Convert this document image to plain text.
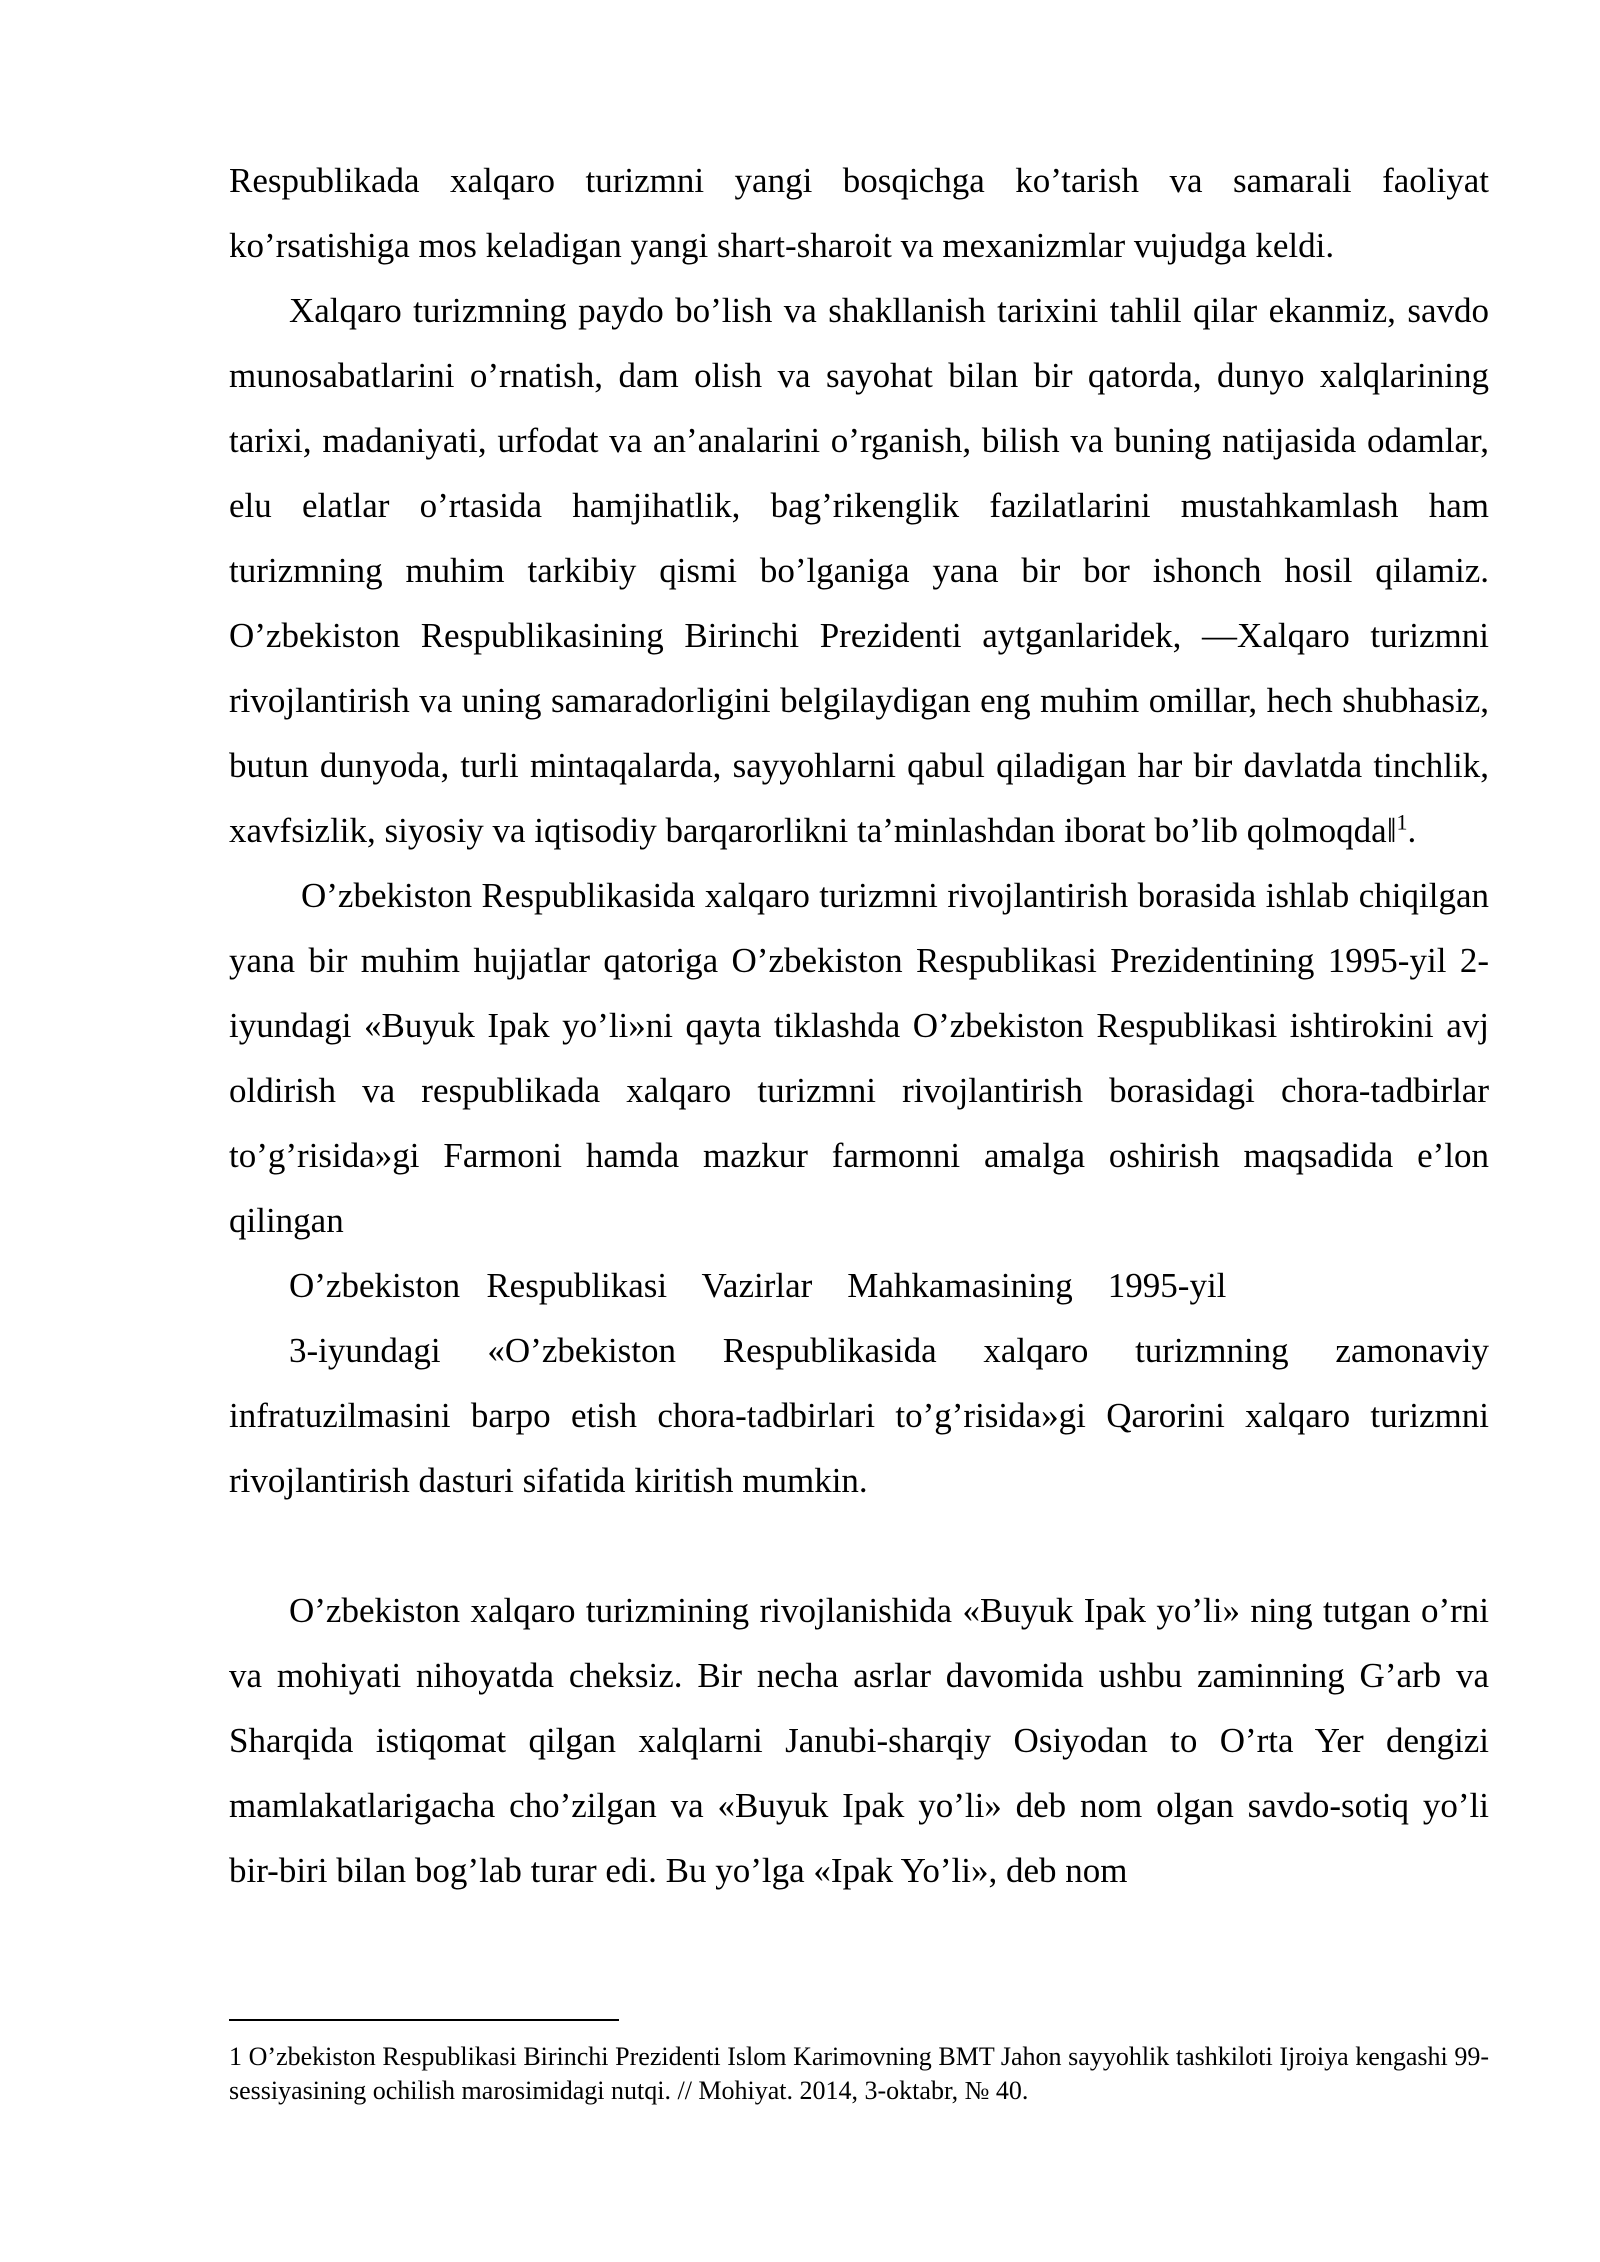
Respublikada xalqaro turizmni yangi bosqichga ko’tarish va samarali faoliyat ko’rsatishiga mos keladigan yangi shart-sharoit va mexanizmlar vujudga keldi.

Xalqaro turizmning paydo bo’lish va shakllanish tarixini tahlil qilar ekanmiz, savdo munosabatlarini o’rnatish, dam olish va sayohat bilan bir qatorda, dunyo xalqlarining tarixi, madaniyati, urfodat va an’analarini o’rganish, bilish va buning natijasida odamlar, elu elatlar o’rtasida hamjihatlik, bag’rikenglik fazilatlarini mustahkamlash ham turizmning muhim tarkibiy qismi bo’lganiga yana bir bor ishonch hosil qilamiz. O’zbekiston Respublikasining Birinchi Prezidenti aytganlaridek, ―Xalqaro turizmni rivojlantirish va uning samaradorligini belgilaydigan eng muhim omillar, hech shubhasiz, butun dunyoda, turli mintaqalarda, sayyohlarni qabul qiladigan har bir davlatda tinchlik, xavfsizlik, siyosiy va iqtisodiy barqarorlikni ta’minlashdan iborat bo’lib qolmoqda‖$^1$.

O’zbekiston Respublikasida xalqaro turizmni rivojlantirish borasida ishlab chiqilgan yana bir muhim hujjatlar qatoriga O’zbekiston Respublikasi Prezidentining 1995-yil 2-iyundagi «Buyuk Ipak yo’li»ni qayta tiklashda O’zbekiston Respublikasi ishtirokini avj oldirish va respublikada xalqaro turizmni rivojlantirish borasidagi chora-tadbirlar to’g’risida»gi Farmoni hamda mazkur farmonni amalga oshirish maqsadida e’lon qilingan

O’zbekiston   Respublikasi    Vazirlar    Mahkamasining    1995-yil

3-iyundagi «O’zbekiston Respublikasida xalqaro turizmning zamonaviy infratuzilmasini barpo etish chora-tadbirlari to’g’risida»gi Qarorini xalqaro turizmni rivojlantirish dasturi sifatida kiritish mumkin.

O’zbekiston xalqaro turizmining rivojlanishida «Buyuk Ipak yo’li» ning tutgan o’rni va mohiyati nihoyatda cheksiz. Bir necha asrlar davomida ushbu zaminning G’arb va Sharqida istiqomat qilgan xalqlarni Janubi-sharqiy Osiyodan to O’rta Yer dengizi mamlakatlarigacha cho’zilgan va «Buyuk Ipak yo’li» deb nom olgan savdo-sotiq yo’li bir-biri bilan bog’lab turar edi. Bu yo’lga «Ipak Yo’li», deb nom

1 O’zbekiston Respublikasi Birinchi Prezidenti Islom Karimovning BMT Jahon sayyohlik tashkiloti Ijroiya kengashi 99-sessiyasining ochilish marosimidagi nutqi. // Mohiyat. 2014, 3-oktabr, № 40.
